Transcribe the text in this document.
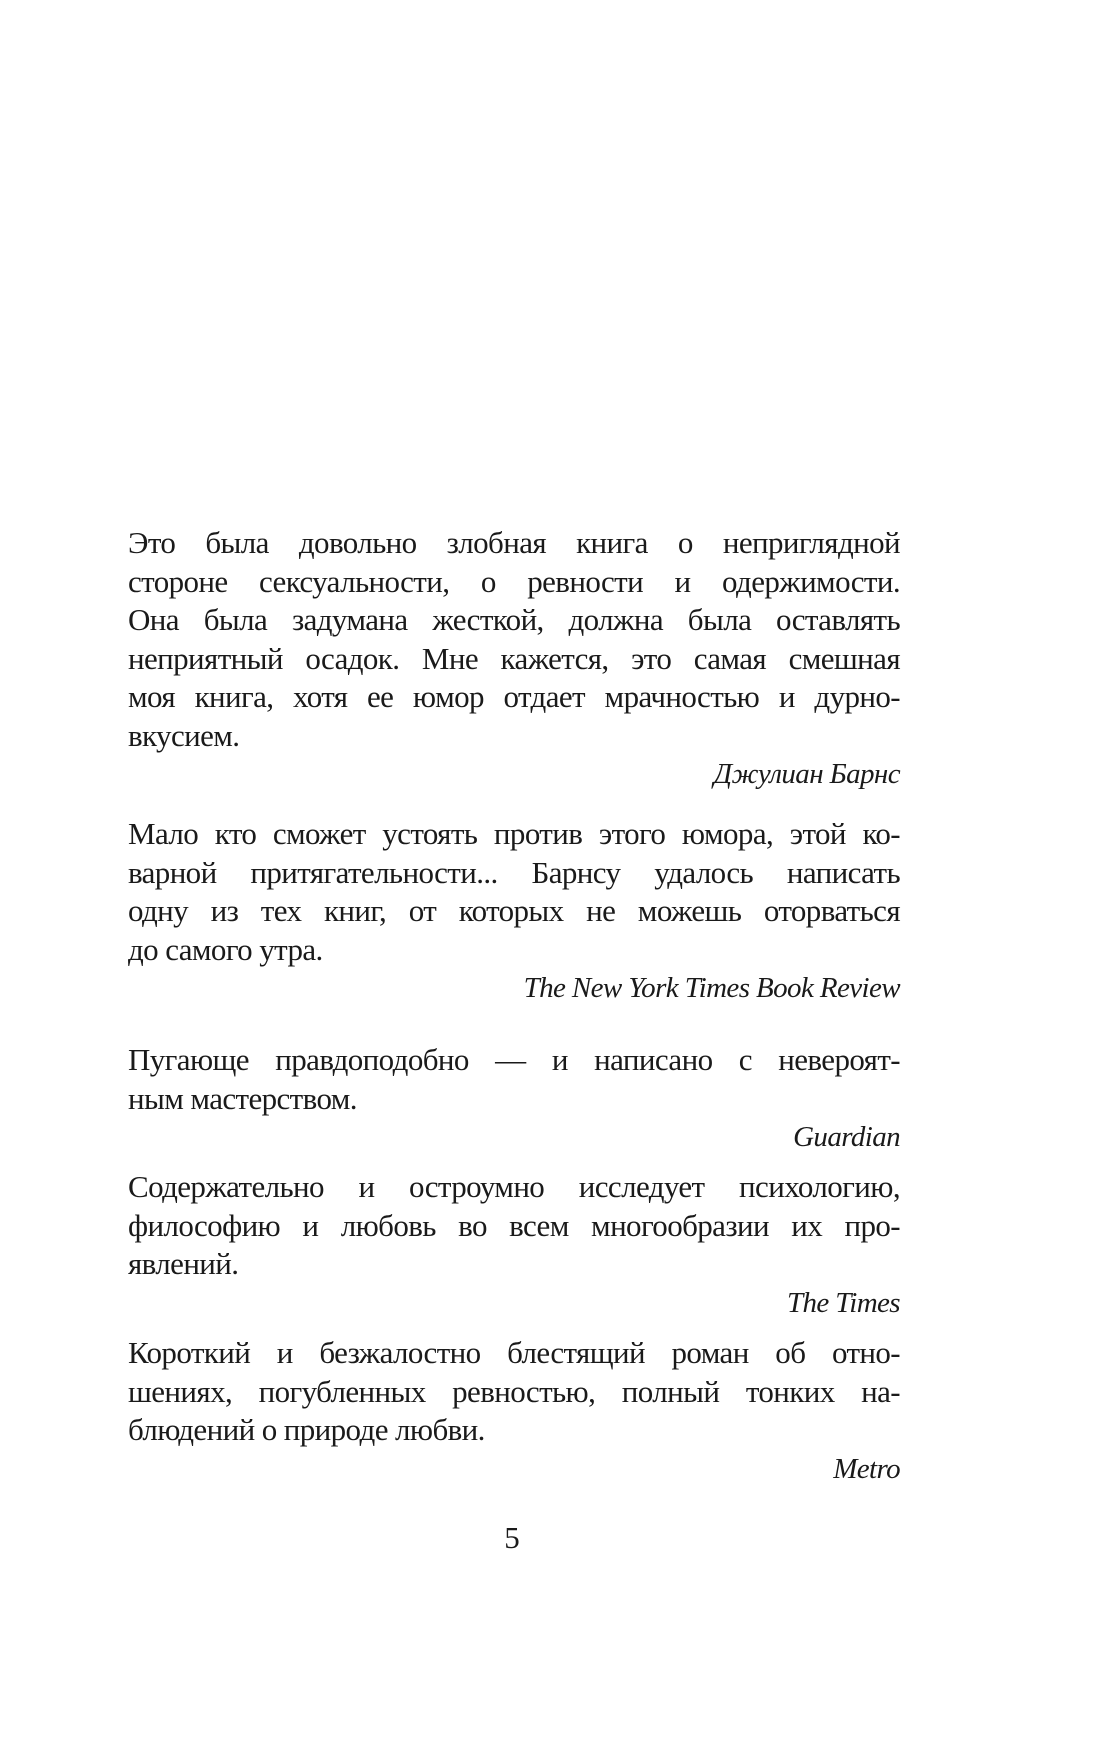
Это была довольно злобная книга о неприглядной
стороне сексуальности, о ревности и одержимости.
Она была задумана жесткой, должна была оставлять
неприятный осадок. Мне кажется, это самая смешная
моя книга, хотя ее юмор отдает мрачностью и дурно-
вкусием.
Джулиан Барнс
Мало кто сможет устоять против этого юмора, этой ко-
варной притягательности... Барнсу удалось написать
одну из тех книг, от которых не можешь оторваться
до самого утра.
The New York Times Book Review
Пугающе правдоподобно — и написано с невероят-
ным мастерством.
Guardian
Содержательно и остроумно исследует психологию,
философию и любовь во всем многообразии их про-
явлений.
The Times
Короткий и безжалостно блестящий роман об отно-
шениях, погубленных ревностью, полный тонких на-
блюдений о природе любви.
Metro
5
